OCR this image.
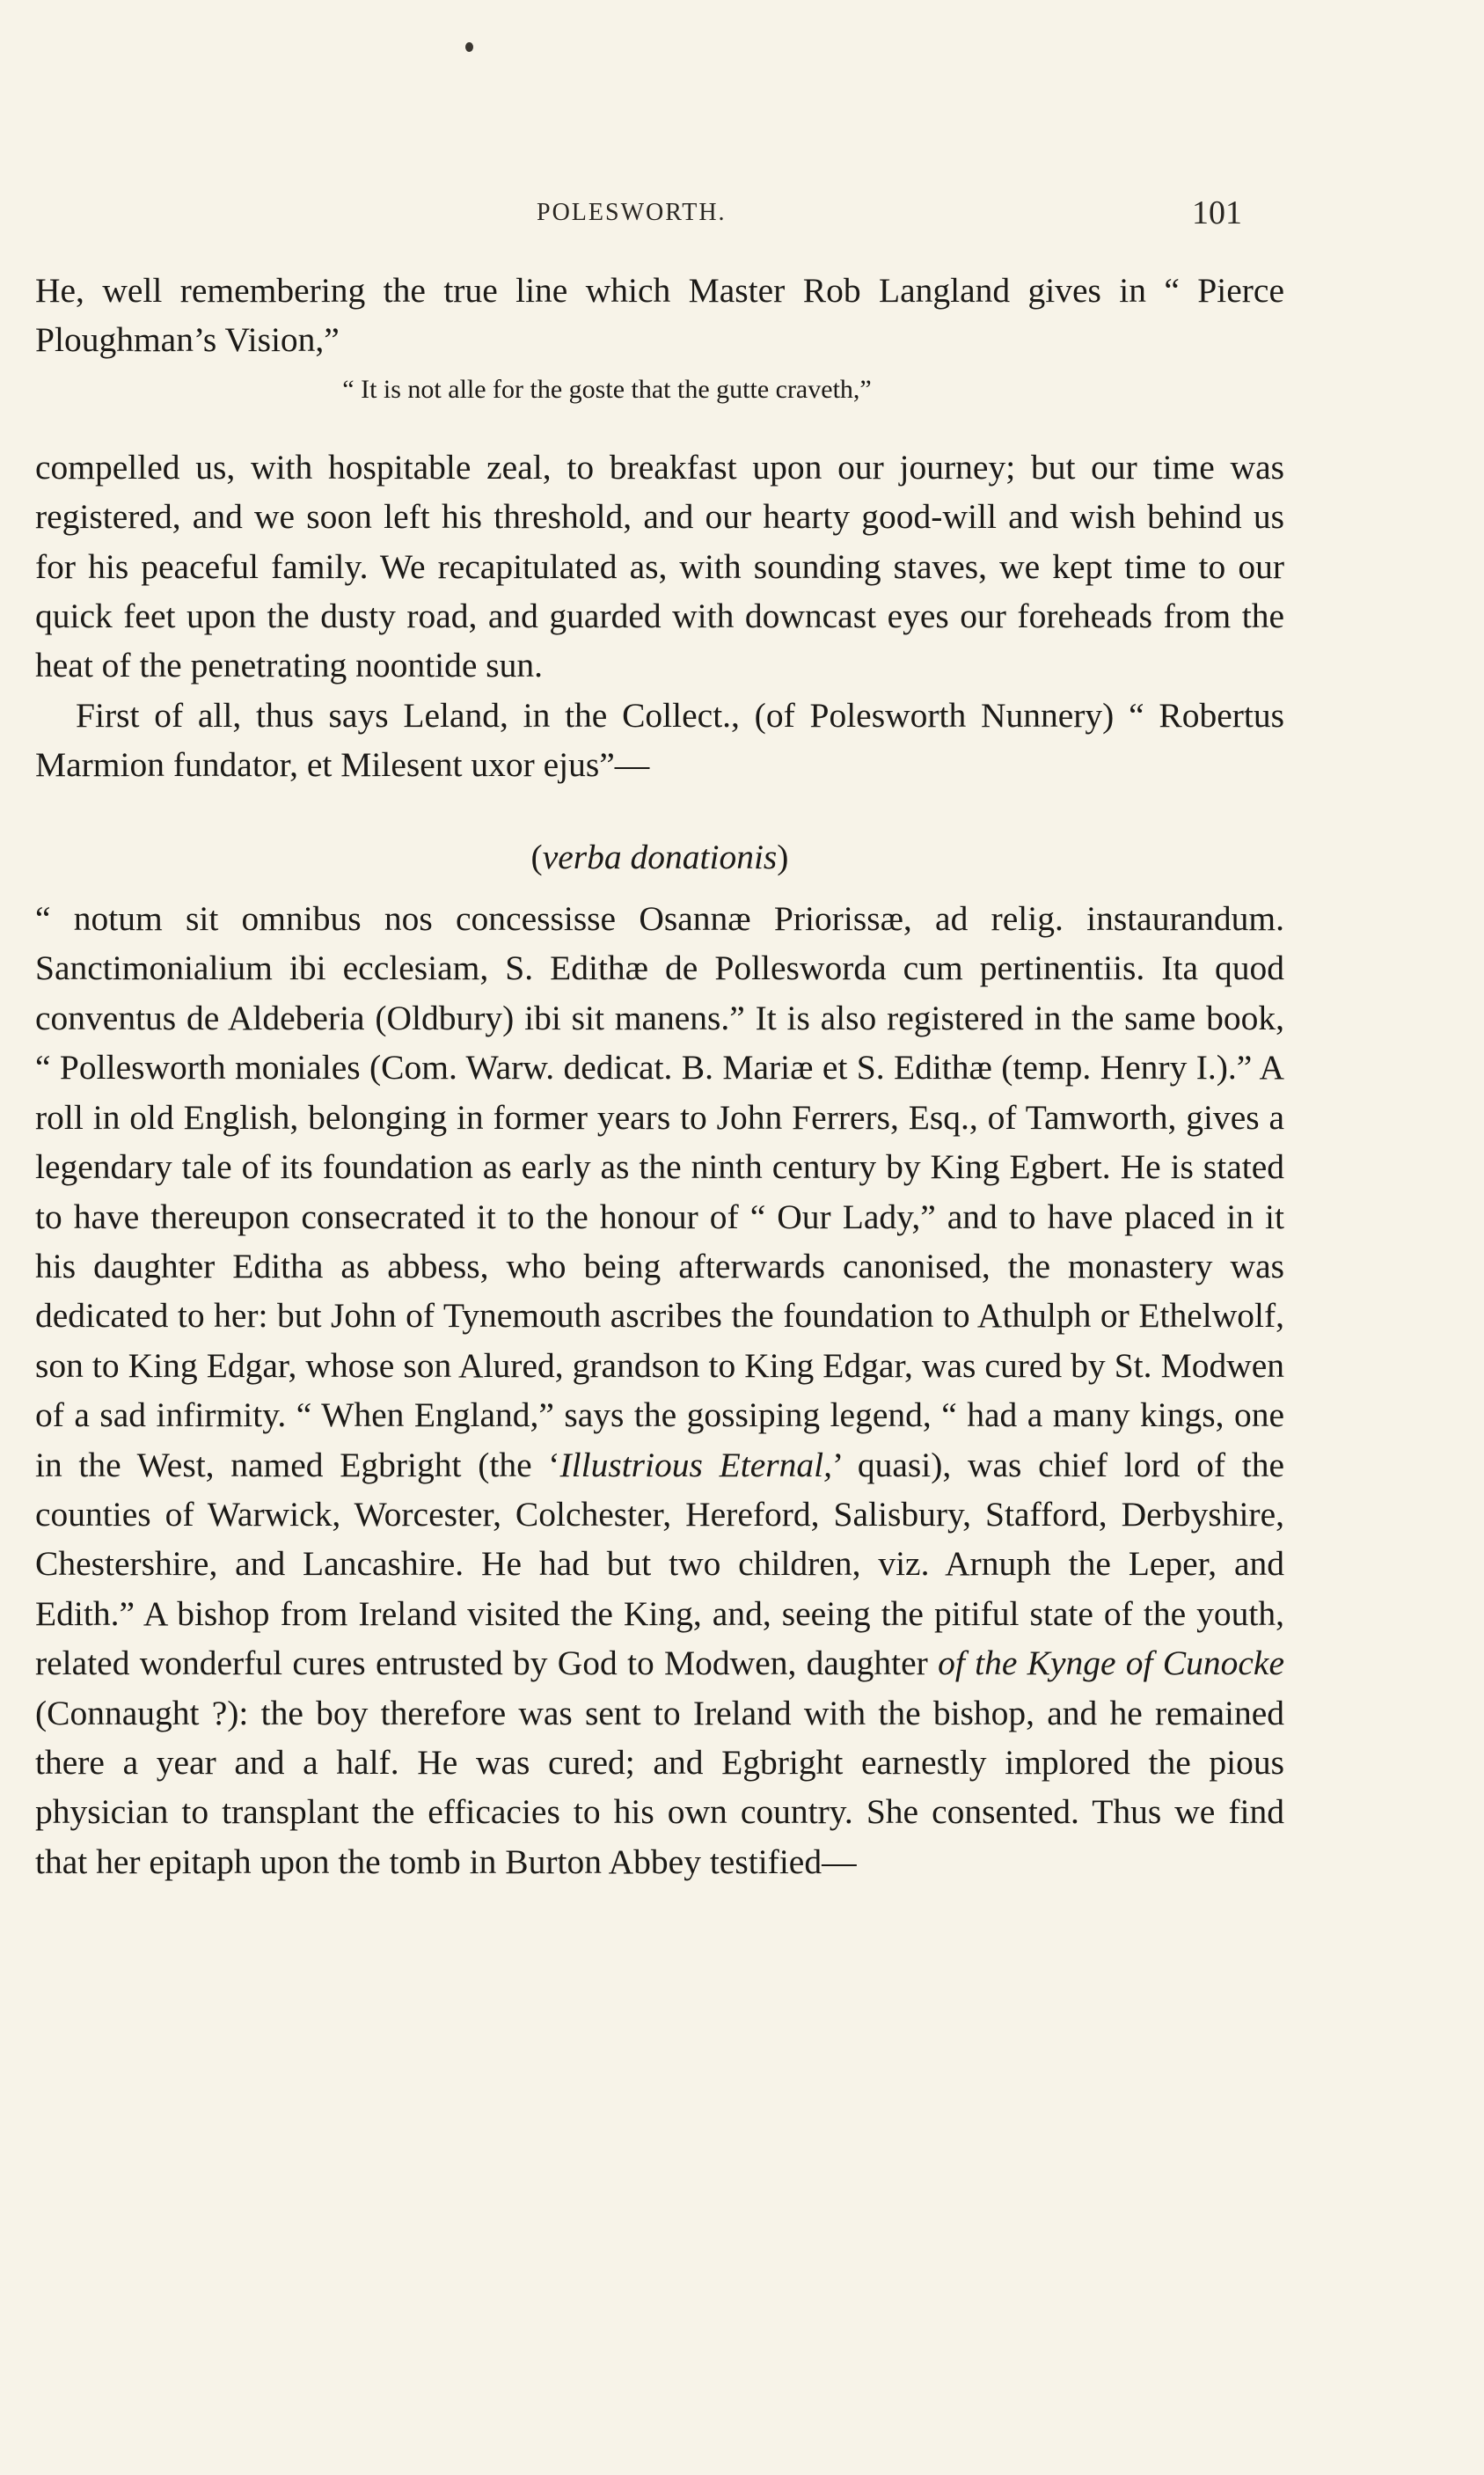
POLESWORTH.	101

He, well remembering the true line which Master Rob Langland gives in “ Pierce Ploughman’s Vision,”

“ It is not alle for the goste that the gutte craveth,”

compelled us, with hospitable zeal, to breakfast upon our journey; but our time was registered, and we soon left his threshold, and our hearty good-will and wish behind us for his peaceful family. We recapitulated as, with sounding staves, we kept time to our quick feet upon the dusty road, and guarded with downcast eyes our foreheads from the heat of the penetrating noontide sun.

First of all, thus says Leland, in the Collect., (of Polesworth Nunnery) “ Robertus Marmion fundator, et Milesent uxor ejus”—

(verba donationis)

“ notum sit omnibus nos concessisse Osannæ Priorissæ, ad relig. instaurandum. Sanctimonialium ibi ecclesiam, S. Edithæ de Pollesworda cum pertinentiis. Ita quod conventus de Aldeberia (Oldbury) ibi sit manens.” It is also registered in the same book, “ Pollesworth moniales (Com. Warw. dedicat. B. Mariæ et S. Edithæ (temp. Henry I.).” A roll in old English, belonging in former years to John Ferrers, Esq., of Tamworth, gives a legendary tale of its foundation as early as the ninth century by King Egbert. He is stated to have thereupon consecrated it to the honour of “ Our Lady,” and to have placed in it his daughter Editha as abbess, who being afterwards canonised, the monastery was dedicated to her: but John of Tynemouth ascribes the foundation to Athulph or Ethelwolf, son to King Edgar, whose son Alured, grandson to King Edgar, was cured by St. Modwen of a sad infirmity. “ When England,” says the gossiping legend, “ had a many kings, one in the West, named Egbright (the ‘Illustrious Eternal,’ quasi), was chief lord of the counties of Warwick, Worcester, Colchester, Hereford, Salisbury, Stafford, Derbyshire, Chestershire, and Lancashire. He had but two children, viz. Arnuph the Leper, and Edith.” A bishop from Ireland visited the King, and, seeing the pitiful state of the youth, related wonderful cures entrusted by God to Modwen, daughter of the Kynge of Cunocke (Connaught ?): the boy therefore was sent to Ireland with the bishop, and he remained there a year and a half. He was cured; and Egbright earnestly implored the pious physician to transplant the efficacies to his own country. She consented. Thus we find that her epitaph upon the tomb in Burton Abbey testified—
